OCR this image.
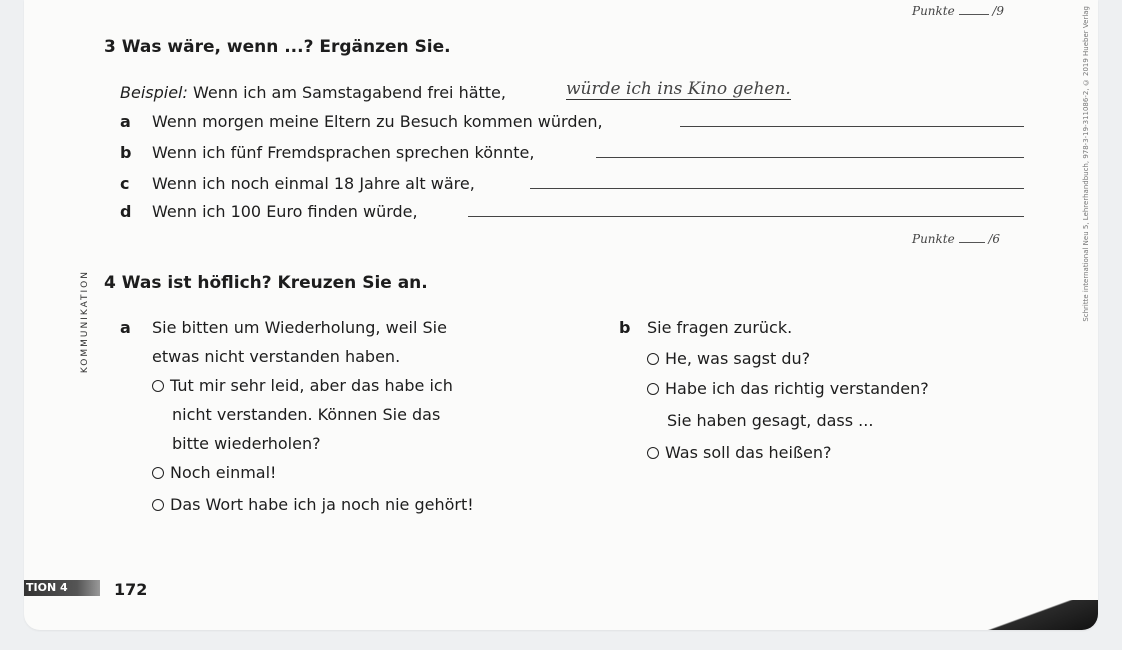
Punkte	/9
3 Was wäre, wenn ...? Ergänzen Sie.
Beispiel: Wenn ich am Samstagabend frei hätte,	würde ich ins Kino gehen.
a Wenn morgen meine Eltern zu Besuch kommen würden,
b Wenn ich fünf Fremdsprachen sprechen könnte,
c Wenn ich noch einmal 18 Jahre alt wäre,
d Wenn ich 100 Euro finden würde,
Punkte	/6
KOMMUNIKATION 4 Was ist höflich? Kreuzen Sie an.
a Sie bitten um Wiederholung, weil Sie
etwas nicht verstanden haben.
Tut mir sehr leid, aber das habe ich
nicht verstanden. Können Sie das
bitte wiederholen?
Noch einmal!
Das Wort habe ich ja noch nie gehört!
b Sie fragen zurück.
He, was sagst du?
Habe ich das richtig verstanden?
Sie haben gesagt, dass ...
Was soll das heißen?
Schritte international Neu 5, Lehrerhandbuch, 978-3-19-311086-2, © 2019 Hueber Verlag
TION 4	172
